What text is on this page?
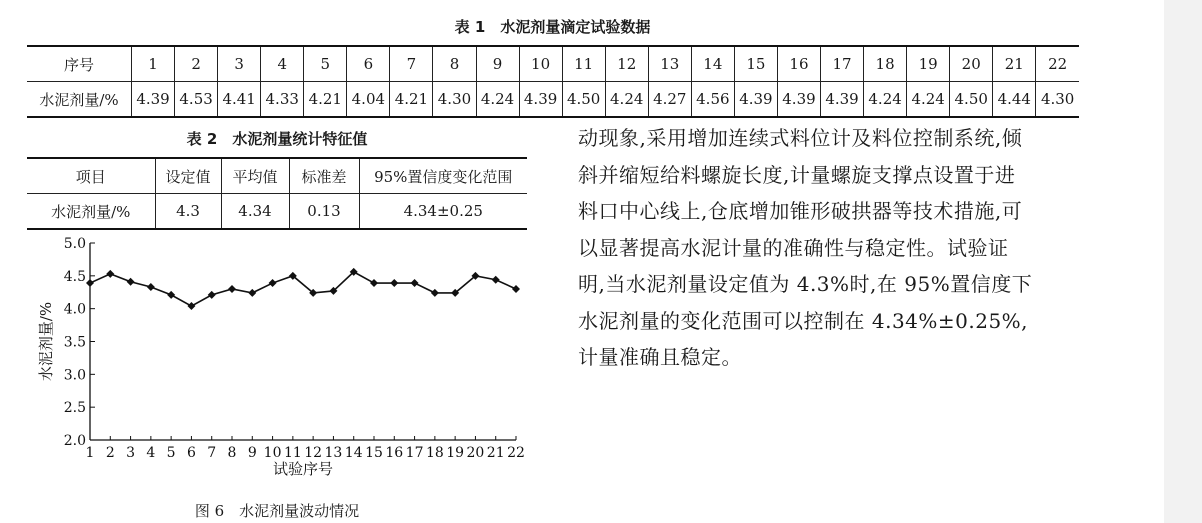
表 1　水泥剂量滴定试验数据
序号	1	2	3	4	5	6	7	8	9	10	11	12	13	14	15	16	17	18	19	20	21	22
水泥剂量/%	4.39	4.53	4.41	4.33	4.21	4.04	4.21	4.30	4.24	4.39	4.50	4.24	4.27	4.56	4.39	4.39	4.39	4.24	4.24	4.50	4.44	4.30
表 2　水泥剂量统计特征值
项目	设定值	平均值	标准差	95%置信度变化范围
水泥剂量/%	4.3	4.34	0.13	4.34±0.25
动现象,采用增加连续式料位计及料位控制系统,倾
斜并缩短给料螺旋长度,计量螺旋支撑点设置于进
料口中心线上,仓底增加锥形破拱器等技术措施,可
以显著提高水泥计量的准确性与稳定性。试验证
明,当水泥剂量设定值为 4.3%时,在 95%置信度下
水泥剂量的变化范围可以控制在 4.34%±0.25%,
计量准确且稳定。
2.0
2.5
3.0
3.5
4.0
4.5
5.0
1 2 3 4 5 6 7 8 9 10 11 12 13 14 15 16 17 18 19 20 21 22
试验序号
水泥剂量/%
图 6　水泥剂量波动情况
